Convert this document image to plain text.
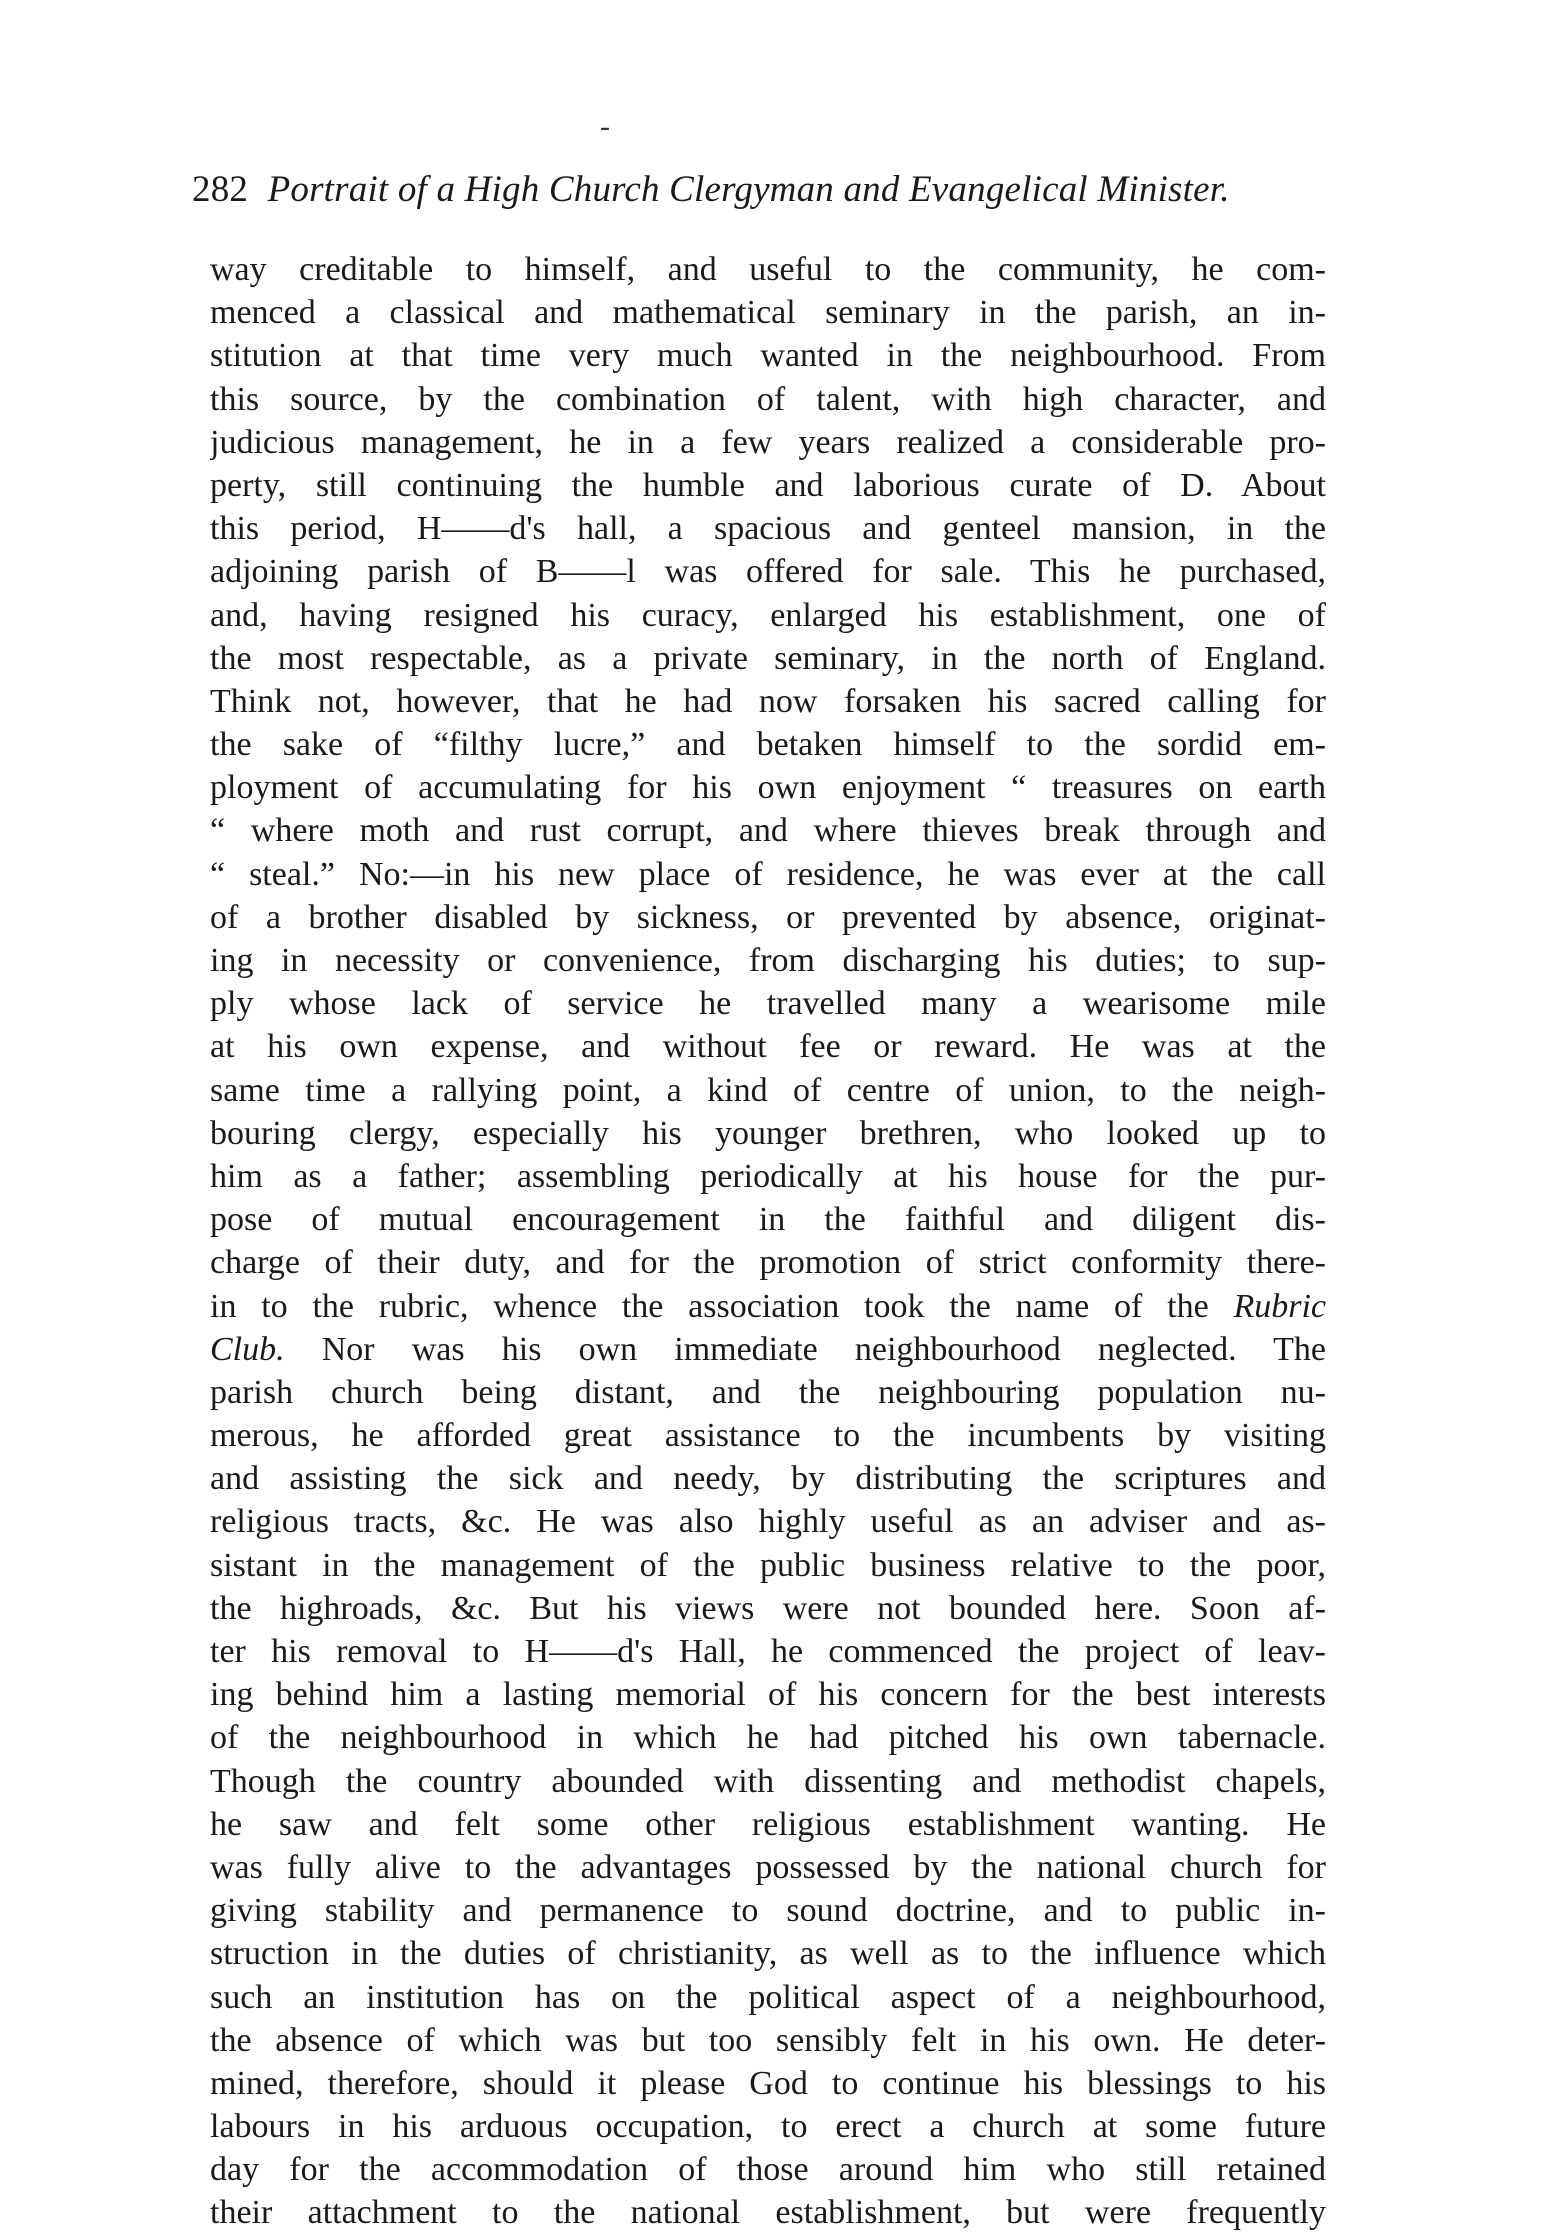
-
282 Portrait of a High Church Clergyman and Evangelical Minister.
way creditable to himself, and useful to the community, he com-
menced a classical and mathematical seminary in the parish, an in-
stitution at that time very much wanted in the neighbourhood. From
this source, by the combination of talent, with high character, and
judicious management, he in a few years realized a considerable pro-
perty, still continuing the humble and laborious curate of D. About
this period, H——d's hall, a spacious and genteel mansion, in the
adjoining parish of B——l was offered for sale. This he purchased,
and, having resigned his curacy, enlarged his establishment, one of
the most respectable, as a private seminary, in the north of England.
Think not, however, that he had now forsaken his sacred calling for
the sake of “filthy lucre,” and betaken himself to the sordid em-
ployment of accumulating for his own enjoyment “ treasures on earth
“ where moth and rust corrupt, and where thieves break through and
“ steal.” No:—in his new place of residence, he was ever at the call
of a brother disabled by sickness, or prevented by absence, originat-
ing in necessity or convenience, from discharging his duties; to sup-
ply whose lack of service he travelled many a wearisome mile
at his own expense, and without fee or reward. He was at the
same time a rallying point, a kind of centre of union, to the neigh-
bouring clergy, especially his younger brethren, who looked up to
him as a father; assembling periodically at his house for the pur-
pose of mutual encouragement in the faithful and diligent dis-
charge of their duty, and for the promotion of strict conformity there-
in to the rubric, whence the association took the name of the Rubric
Club. Nor was his own immediate neighbourhood neglected. The
parish church being distant, and the neighbouring population nu-
merous, he afforded great assistance to the incumbents by visiting
and assisting the sick and needy, by distributing the scriptures and
religious tracts, &c. He was also highly useful as an adviser and as-
sistant in the management of the public business relative to the poor,
the highroads, &c. But his views were not bounded here. Soon af-
ter his removal to H——d's Hall, he commenced the project of leav-
ing behind him a lasting memorial of his concern for the best interests
of the neighbourhood in which he had pitched his own tabernacle.
Though the country abounded with dissenting and methodist chapels,
he saw and felt some other religious establishment wanting. He
was fully alive to the advantages possessed by the national church for
giving stability and permanence to sound doctrine, and to public in-
struction in the duties of christianity, as well as to the influence which
such an institution has on the political aspect of a neighbourhood,
the absence of which was but too sensibly felt in his own. He deter-
mined, therefore, should it please God to continue his blessings to his
labours in his arduous occupation, to erect a church at some future
day for the accommodation of those around him who still retained
their attachment to the national establishment, but were frequently
